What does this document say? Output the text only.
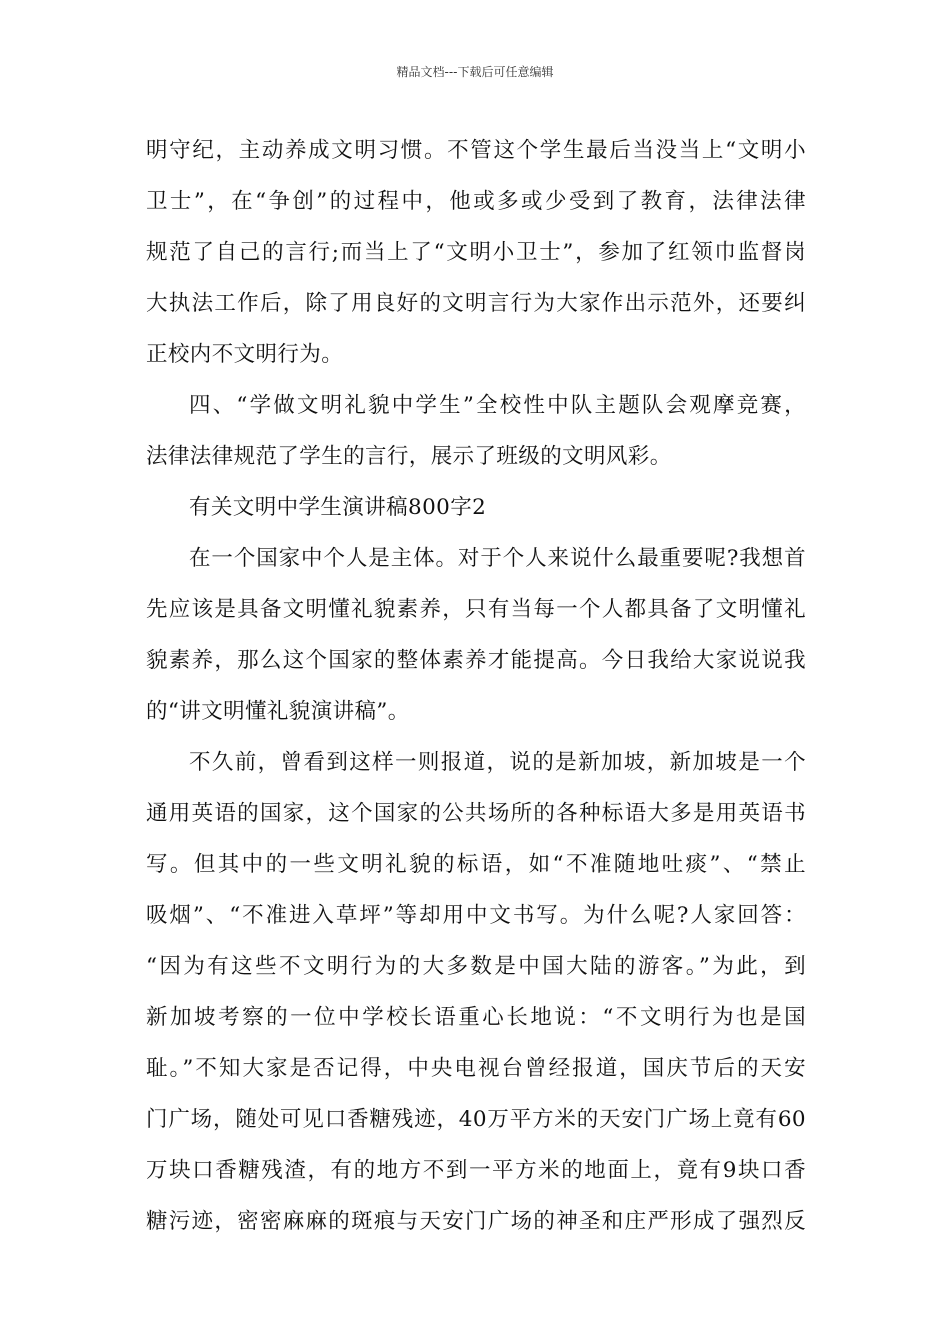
精品文档---下载后可任意编辑
明守纪，主动养成文明习惯。不管这个学生最后当没当上“文明小
卫士”，在“争创”的过程中，他或多或少受到了教育，法律法律
规范了自己的言行;而当上了“文明小卫士”，参加了红领巾监督岗
大执法工作后，除了用良好的文明言行为大家作出示范外，还要纠
正校内不文明行为。
四、“学做文明礼貌中学生”全校性中队主题队会观摩竞赛，
法律法律规范了学生的言行，展示了班级的文明风彩。
有关文明中学生演讲稿800字2
在一个国家中个人是主体。对于个人来说什么最重要呢?我想首
先应该是具备文明懂礼貌素养，只有当每一个人都具备了文明懂礼
貌素养，那么这个国家的整体素养才能提高。今日我给大家说说我
的“讲文明懂礼貌演讲稿”。
不久前，曾看到这样一则报道，说的是新加坡，新加坡是一个
通用英语的国家，这个国家的公共场所的各种标语大多是用英语书
写。但其中的一些文明礼貌的标语，如“不准随地吐痰”、“禁止
吸烟”、“不准进入草坪”等却用中文书写。为什么呢?人家回答：
“因为有这些不文明行为的大多数是中国大陆的游客。”为此，到
新加坡考察的一位中学校长语重心长地说：“不文明行为也是国
耻。”不知大家是否记得，中央电视台曾经报道，国庆节后的天安
门广场，随处可见口香糖残迹，40万平方米的天安门广场上竟有60
万块口香糖残渣，有的地方不到一平方米的地面上，竟有9块口香
糖污迹，密密麻麻的斑痕与天安门广场的神圣和庄严形成了强烈反
